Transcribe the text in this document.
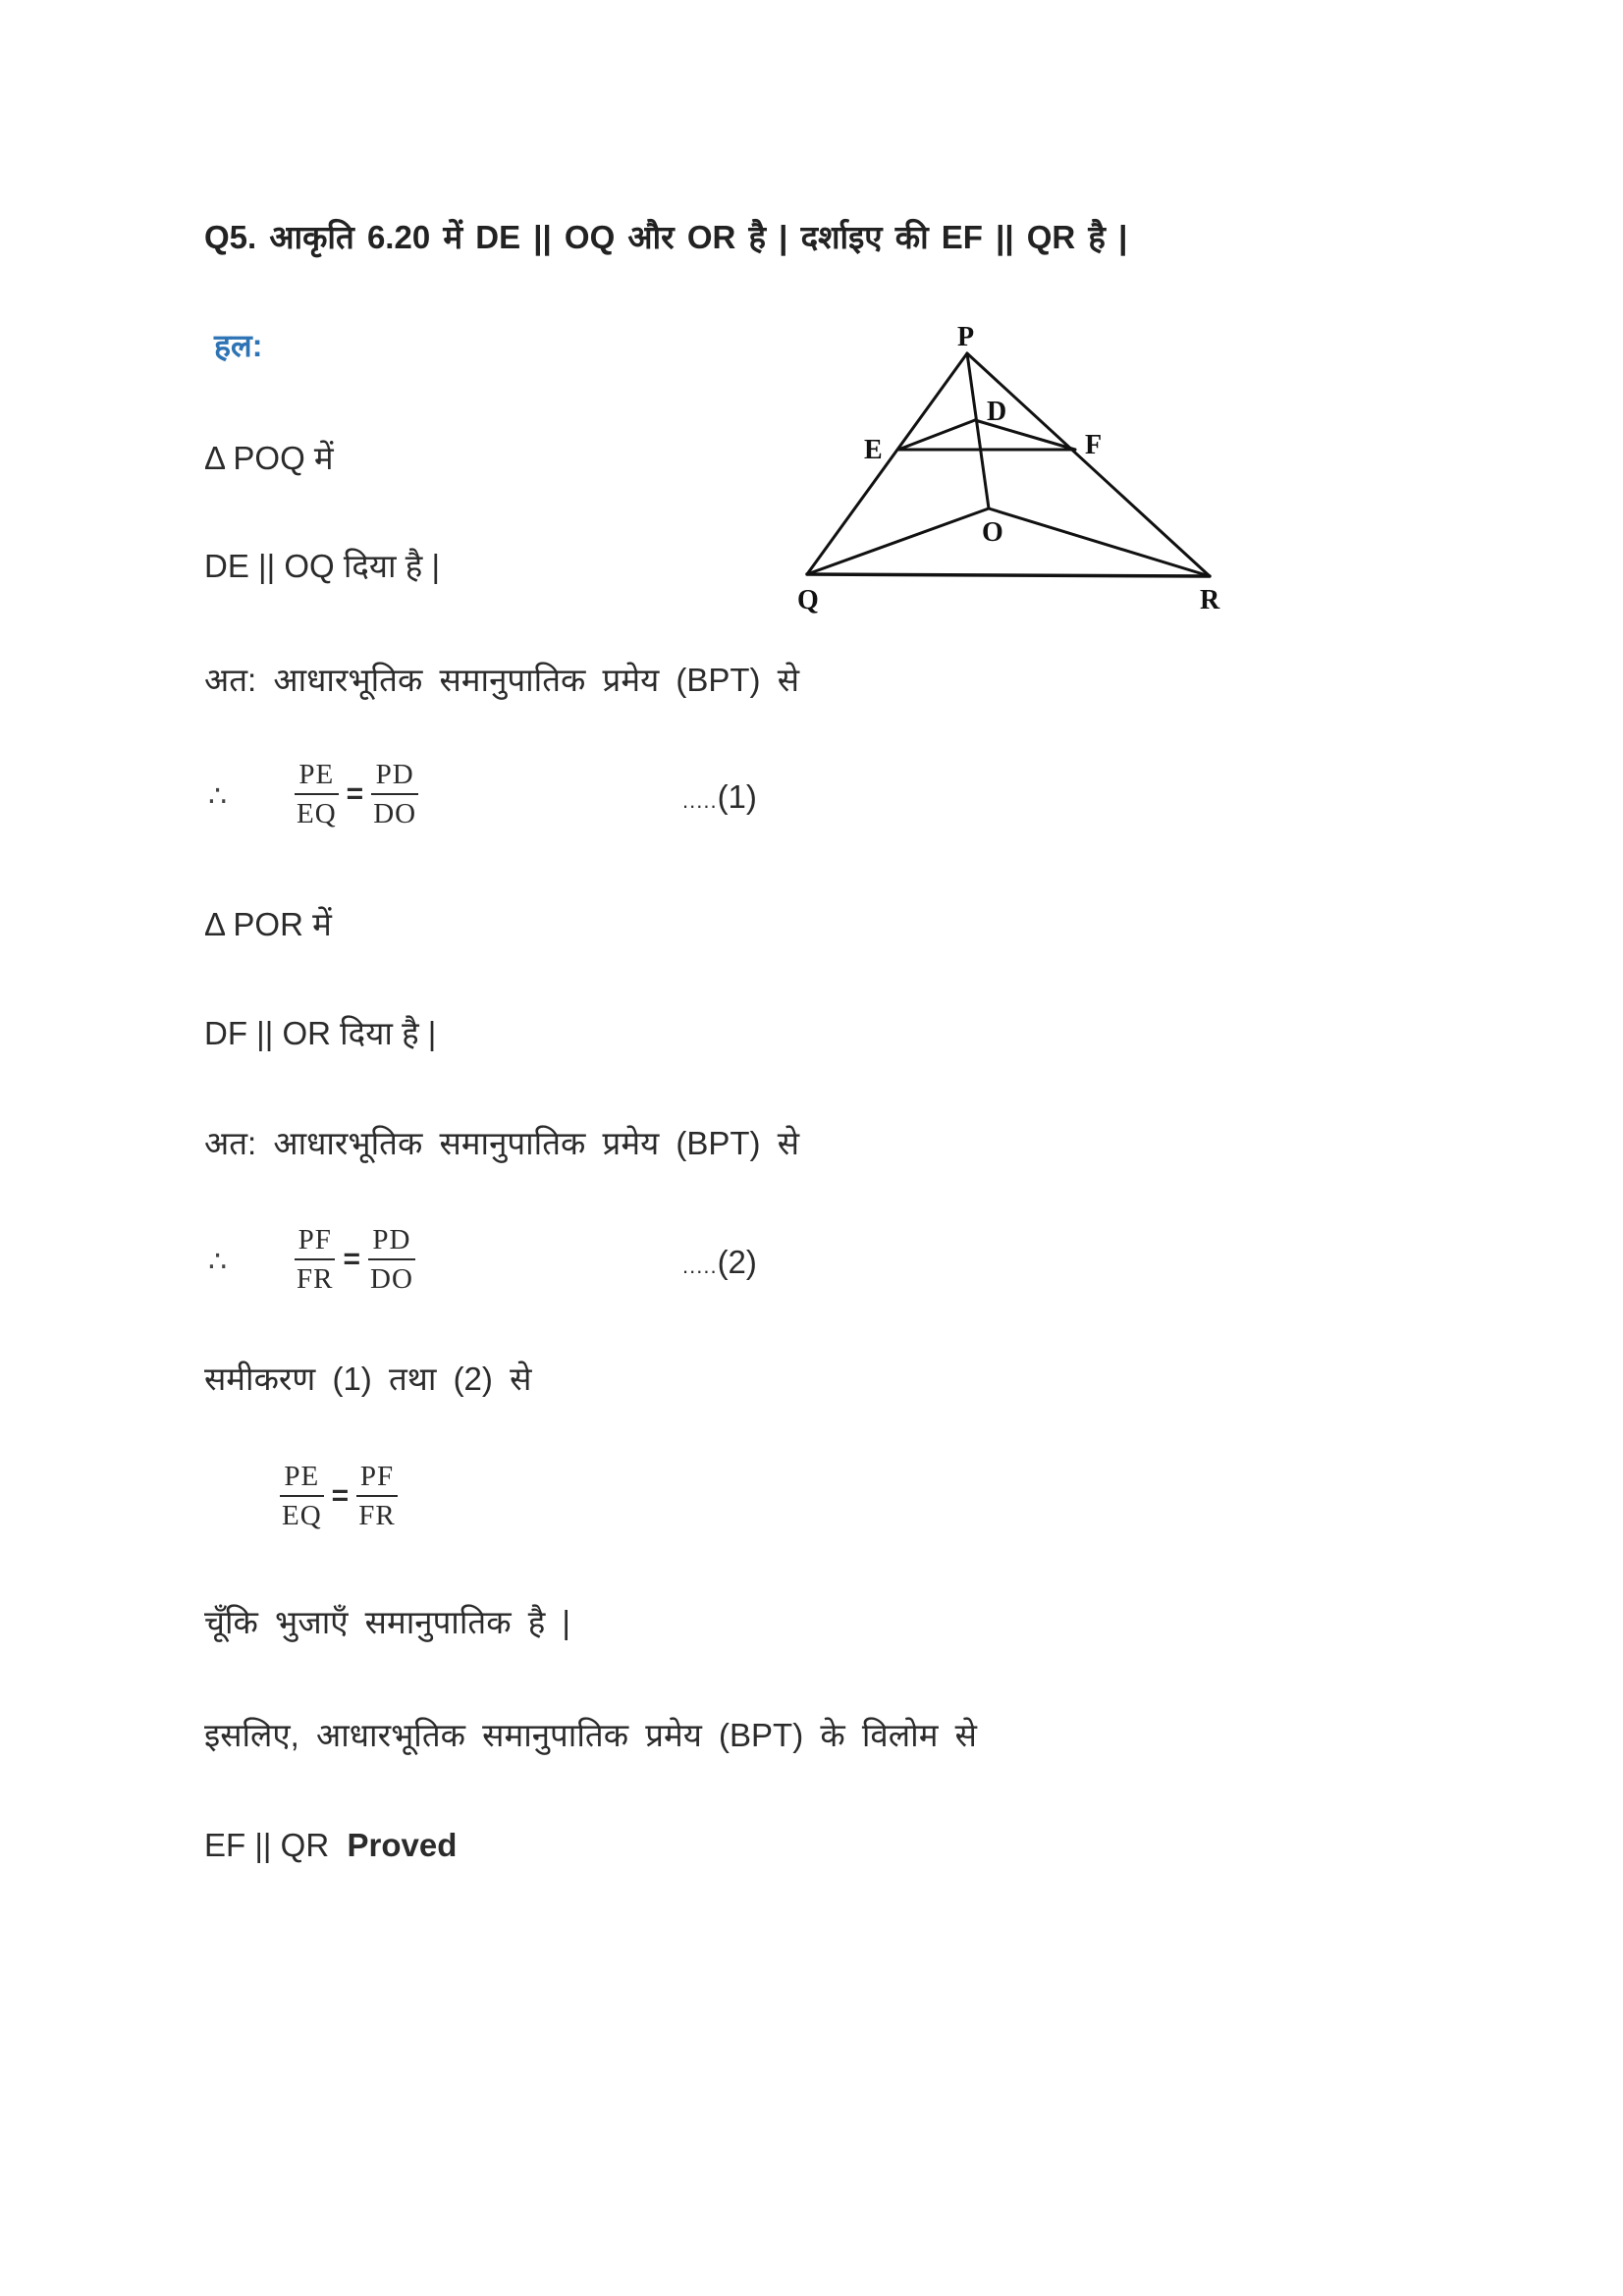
Q5. आकृति 6.20 में DE || OQ और OR है | दर्शाइए की EF || QR है |
हल:	P
D
E	F
O
Q	R
Δ POQ में
DE || OQ दिया है |
अत: आधारभूतिक समानुपातिक प्रमेय (BPT) से
∴ $\frac{PE}{EQ} = \frac{PD}{DO}$	.....(1)
Δ POR में
DF || OR दिया है |
अत: आधारभूतिक समानुपातिक प्रमेय (BPT) से
∴ $\frac{PF}{FR} = \frac{PD}{DO}$	.....(2)
समीकरण (1) तथा (2) से
$\frac{PE}{EQ} = \frac{PF}{FR}$
चूँकि भुजाएँ समानुपातिक है |
इसलिए, आधारभूतिक समानुपातिक प्रमेय (BPT) के विलोम से
EF || QR Proved
